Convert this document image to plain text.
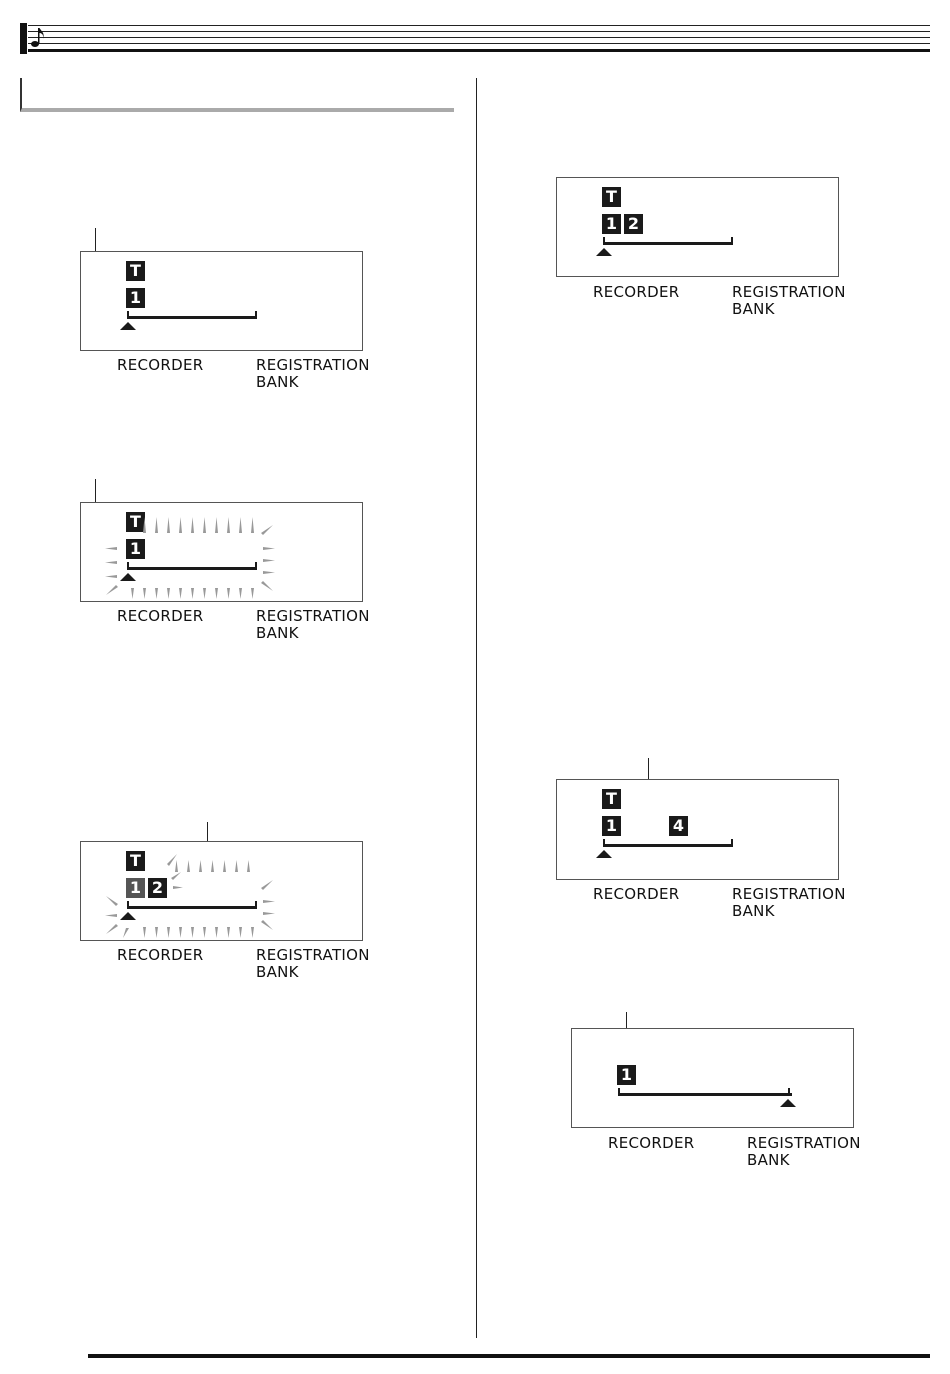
T
1
RECORDER	REGISTRATION
BANK
T
1
RECORDER	REGISTRATION
BANK
T
1 2
RECORDER	REGISTRATION
BANK
T
1 2
RECORDER	REGISTRATION
BANK
T
1	4
RECORDER	REGISTRATION
BANK
1
RECORDER	REGISTRATION
BANK
